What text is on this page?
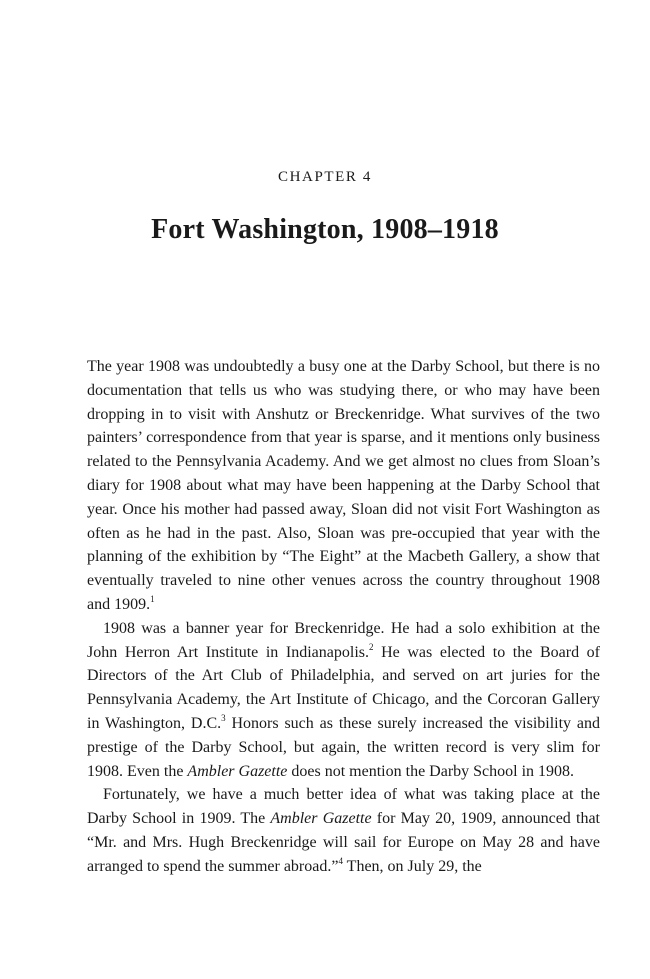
CHAPTER 4
Fort Washington, 1908–1918

The year 1908 was undoubtedly a busy one at the Darby School, but there is no documentation that tells us who was studying there, or who may have been dropping in to visit with Anshutz or Breckenridge. What survives of the two painters’ correspondence from that year is sparse, and it mentions only business related to the Pennsylvania Academy. And we get almost no clues from Sloan’s diary for 1908 about what may have been happening at the Darby School that year. Once his mother had passed away, Sloan did not visit Fort Washington as often as he had in the past. Also, Sloan was pre-occupied that year with the planning of the exhibition by “The Eight” at the Macbeth Gallery, a show that eventually traveled to nine other venues across the country throughout 1908 and 1909.$^1$

1908 was a banner year for Breckenridge. He had a solo exhibition at the John Herron Art Institute in Indianapolis.$^2$ He was elected to the Board of Directors of the Art Club of Philadelphia, and served on art juries for the Pennsylvania Academy, the Art Institute of Chicago, and the Corcoran Gallery in Washington, D.C.$^3$ Honors such as these surely increased the visibility and prestige of the Darby School, but again, the written record is very slim for 1908. Even the Ambler Gazette does not mention the Darby School in 1908.

Fortunately, we have a much better idea of what was taking place at the Darby School in 1909. The Ambler Gazette for May 20, 1909, announced that “Mr. and Mrs. Hugh Breckenridge will sail for Europe on May 28 and have arranged to spend the summer abroad.”$^4$ Then, on July 29, the
